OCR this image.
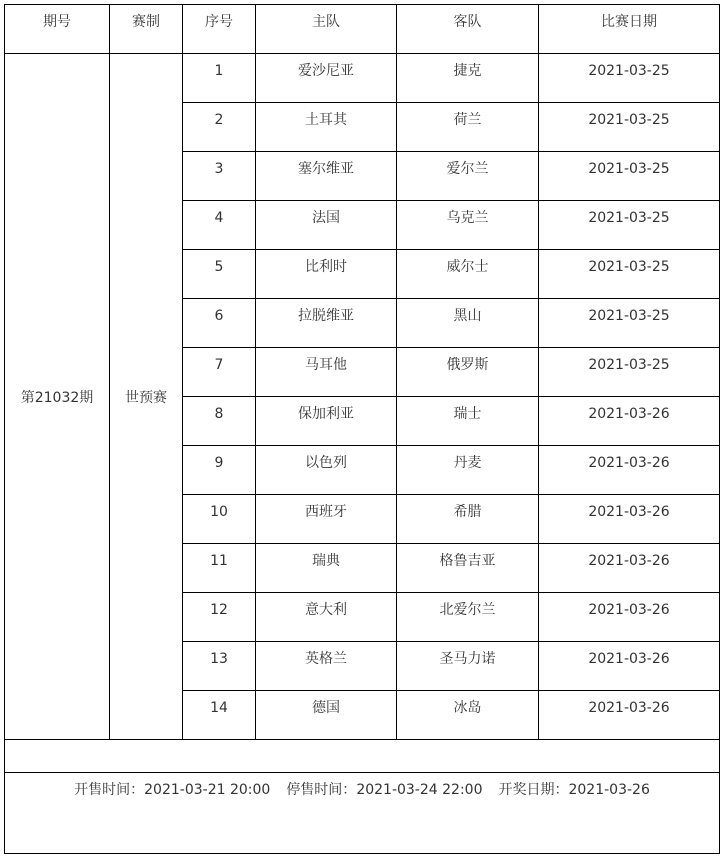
期号	赛制	序号	主队	客队	比赛日期

第21032期	世预赛	1	爱沙尼亚	捷克	2021-03-25

		2	土耳其	荷兰	2021-03-25

		3	塞尔维亚	爱尔兰	2021-03-25

		4	法国	乌克兰	2021-03-25

		5	比利时	威尔士	2021-03-25

		6	拉脱维亚	黑山	2021-03-25

		7	马耳他	俄罗斯	2021-03-25

		8	保加利亚	瑞士	2021-03-26

		9	以色列	丹麦	2021-03-26

		10	西班牙	希腊	2021-03-26

		11	瑞典	格鲁吉亚	2021-03-26

		12	意大利	北爱尔兰	2021-03-26

		13	英格兰	圣马力诺	2021-03-26

		14	德国	冰岛	2021-03-26

开售时间：2021-03-21 20:00 停售时间：2021-03-24 22:00 开奖日期：2021-03-26					
